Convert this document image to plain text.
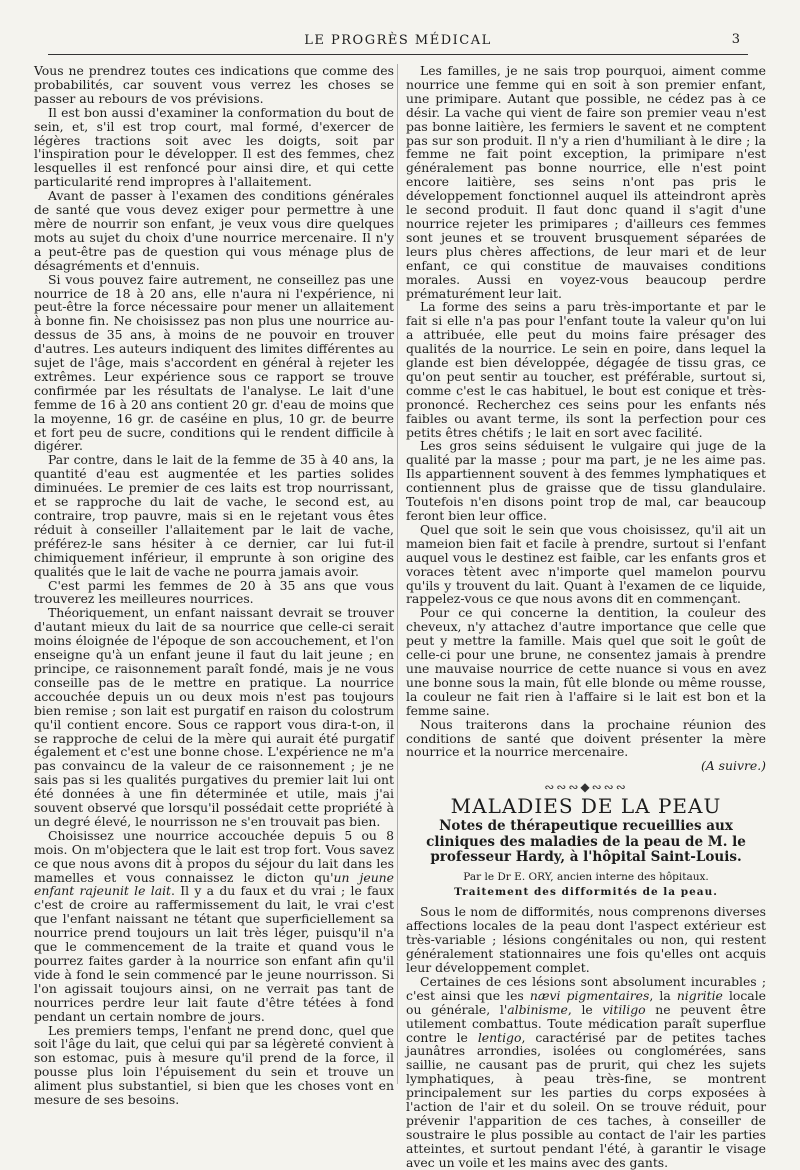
LE PROGRÈS MÉDICAL	3

Vous ne prendrez toutes ces indications que comme des probabilités, car souvent vous verrez les choses se passer au rebours de vos prévisions.

Il est bon aussi d'examiner la conformation du bout de sein, et, s'il est trop court, mal formé, d'exercer de légères tractions soit avec les doigts, soit par l'inspiration pour le développer. Il est des femmes, chez lesquelles il est renfoncé pour ainsi dire, et qui cette particularité rend impropres à l'allaitement.

Avant de passer à l'examen des conditions générales de santé que vous devez exiger pour permettre à une mère de nourrir son enfant, je veux vous dire quelques mots au sujet du choix d'une nourrice mercenaire. Il n'y a peut-être pas de question qui vous ménage plus de désagréments et d'ennuis.

Si vous pouvez faire autrement, ne conseillez pas une nourrice de 18 à 20 ans, elle n'aura ni l'expérience, ni peut-être la force nécessaire pour mener un allaitement à bonne fin. Ne choisissez pas non plus une nourrice au-dessus de 35 ans, à moins de ne pouvoir en trouver d'autres. Les auteurs indiquent des limites différentes au sujet de l'âge, mais s'accordent en général à rejeter les extrêmes. Leur expérience sous ce rapport se trouve confirmée par les résultats de l'analyse. Le lait d'une femme de 16 à 20 ans contient 20 gr. d'eau de moins que la moyenne, 16 gr. de caséine en plus, 10 gr. de beurre et fort peu de sucre, conditions qui le rendent difficile à digérer.

Par contre, dans le lait de la femme de 35 à 40 ans, la quantité d'eau est augmentée et les parties solides diminuées. Le premier de ces laits est trop nourrissant, et se rapproche du lait de vache, le second est, au contraire, trop pauvre, mais si en le rejetant vous êtes réduit à conseiller l'allaitement par le lait de vache, préférez-le sans hésiter à ce dernier, car lui fut-il chimiquement inférieur, il emprunte à son origine des qualités que le lait de vache ne pourra jamais avoir.

C'est parmi les femmes de 20 à 35 ans que vous trouverez les meilleures nourrices.

Théoriquement, un enfant naissant devrait se trouver d'autant mieux du lait de sa nourrice que celle-ci serait moins éloignée de l'époque de son accouchement, et l'on enseigne qu'à un enfant jeune il faut du lait jeune ; en principe, ce raisonnement paraît fondé, mais je ne vous conseille pas de le mettre en pratique. La nourrice accouchée depuis un ou deux mois n'est pas toujours bien remise ; son lait est purgatif en raison du colostrum qu'il contient encore. Sous ce rapport vous dira-t-on, il se rapproche de celui de la mère qui aurait été purgatif également et c'est une bonne chose. L'expérience ne m'a pas convaincu de la valeur de ce raisonnement ; je ne sais pas si les qualités purgatives du premier lait lui ont été données à une fin déterminée et utile, mais j'ai souvent observé que lorsqu'il possédait cette propriété à un degré élevé, le nourrisson ne s'en trouvait pas bien.

Choisissez une nourrice accouchée depuis 5 ou 8 mois. On m'objectera que le lait est trop fort. Vous savez ce que nous avons dit à propos du séjour du lait dans les mamelles et vous connaissez le dicton qu'un jeune enfant rajeunit le lait. Il y a du faux et du vrai ; le faux c'est de croire au raffermissement du lait, le vrai c'est que l'enfant naissant ne tétant que superficiellement sa nourrice prend toujours un lait très léger, puisqu'il n'a que le commencement de la traite et quand vous le pourrez faites garder à la nourrice son enfant afin qu'il vide à fond le sein commencé par le jeune nourrisson. Si l'on agissait toujours ainsi, on ne verrait pas tant de nourrices perdre leur lait faute d'être tétées à fond pendant un certain nombre de jours.

Les premiers temps, l'enfant ne prend donc, quel que soit l'âge du lait, que celui qui par sa légèreté convient à son estomac, puis à mesure qu'il prend de la force, il pousse plus loin l'épuisement du sein et trouve un aliment plus substantiel, si bien que les choses vont en mesure de ses besoins.

Les familles, je ne sais trop pourquoi, aiment comme nourrice une femme qui en soit à son premier enfant, une primipare. Autant que possible, ne cédez pas à ce désir. La vache qui vient de faire son premier veau n'est pas bonne laitière, les fermiers le savent et ne comptent pas sur son produit. Il n'y a rien d'humiliant à le dire ; la femme ne fait point exception, la primipare n'est généralement pas bonne nourrice, elle n'est point encore laitière, ses seins n'ont pas pris le développement fonctionnel auquel ils atteindront après le second produit. Il faut donc quand il s'agit d'une nourrice rejeter les primipares ; d'ailleurs ces femmes sont jeunes et se trouvent brusquement séparées de leurs plus chères affections, de leur mari et de leur enfant, ce qui constitue de mauvaises conditions morales. Aussi en voyez-vous beaucoup perdre prématurément leur lait.

La forme des seins a paru très-importante et par le fait si elle n'a pas pour l'enfant toute la valeur qu'on lui a attribuée, elle peut du moins faire présager des qualités de la nourrice. Le sein en poire, dans lequel la glande est bien développée, dégagée de tissu gras, ce qu'on peut sentir au toucher, est préférable, surtout si, comme c'est le cas habituel, le bout est conique et très-prononcé. Recherchez ces seins pour les enfants nés faibles ou avant terme, ils sont la perfection pour ces petits êtres chétifs ; le lait en sort avec facilité.

Les gros seins séduisent le vulgaire qui juge de la qualité par la masse ; pour ma part, je ne les aime pas. Ils appartiennent souvent à des femmes lymphatiques et contiennent plus de graisse que de tissu glandulaire. Toutefois n'en disons point trop de mal, car beaucoup feront bien leur office.

Quel que soit le sein que vous choisissez, qu'il ait un mameion bien fait et facile à prendre, surtout si l'enfant auquel vous le destinez est faible, car les enfants gros et voraces tètent avec n'importe quel mamelon pourvu qu'ils y trouvent du lait. Quant à l'examen de ce liquide, rappelez-vous ce que nous avons dit en commençant.

Pour ce qui concerne la dentition, la couleur des cheveux, n'y attachez d'autre importance que celle que peut y mettre la famille. Mais quel que soit le goût de celle-ci pour une brune, ne consentez jamais à prendre une mauvaise nourrice de cette nuance si vous en avez une bonne sous la main, fût elle blonde ou même rousse, la couleur ne fait rien à l'affaire si le lait est bon et la femme saine.

Nous traiterons dans la prochaine réunion des conditions de santé que doivent présenter la mère nourrice et la nourrice mercenaire.

(A suivre.)

∾∾∾◆∾∾∾
MALADIES DE LA PEAU
Notes de thérapeutique recueillies aux cliniques des maladies de la peau de M. le professeur Hardy, à l'hôpital Saint-Louis.
Par le Dr E. ORY, ancien interne des hôpitaux.
Traitement des difformités de la peau.

Sous le nom de difformités, nous comprenons diverses affections locales de la peau dont l'aspect extérieur est très-variable ; lésions congénitales ou non, qui restent généralement stationnaires une fois qu'elles ont acquis leur développement complet.

Certaines de ces lésions sont absolument incurables ; c'est ainsi que les nævi pigmentaires, la nigritie locale ou générale, l'albinisme, le vitiligo ne peuvent être utilement combattus. Toute médication paraît superflue contre le lentigo, caractérisé par de petites taches jaunâtres arrondies, isolées ou conglomérées, sans saillie, ne causant pas de prurit, qui chez les sujets lymphatiques, à peau très-fine, se montrent principalement sur les parties du corps exposées à l'action de l'air et du soleil. On se trouve réduit, pour prévenir l'apparition de ces taches, à conseiller de soustraire le plus possible au contact de l'air les parties atteintes, et surtout pendant l'été, à garantir le visage avec un voile et les mains avec des gants.
